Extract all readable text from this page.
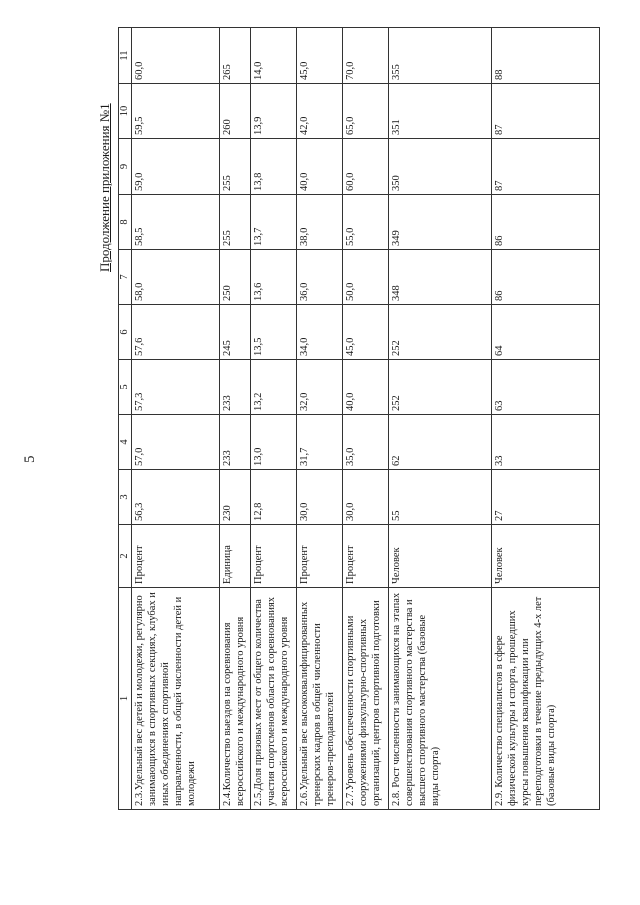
5
Продолжение приложения №1
1	2	3	4	5	6	7	8	9	10	11
2.3.Удельный вес детей и молодежи, регулярно занимающихся в спортивных секциях, клубах и иных объединениях спортивной направленности, в общей численности детей и молодежи	Процент	56,3	57,0	57,3	57,6	58,0	58,5	59,0	59,5	60,0
2.4.Количество выездов на соревнования всероссийского и международного уровня	Единица	230	233	233	245	250	255	255	260	265
2.5.Доля призовых мест от общего количества участия спортсменов области в соревнованиях всероссийского и международного уровня	Процент	12,8	13,0	13,2	13,5	13,6	13,7	13,8	13,9	14,0
2.6.Удельный вес высококвалифицированных тренерских кадров в общей численности тренеров-преподавателей	Процент	30,0	31,7	32,0	34,0	36,0	38,0	40,0	42,0	45,0
2.7.Уровень обеспеченности спортивными сооружениями физкультурно-спортивных организаций, центров спортивной подготовки	Процент	30,0	35,0	40,0	45,0	50,0	55,0	60,0	65,0	70,0
2.8. Рост численности занимающихся на этапах совершенствования спортивного мастерства и высшего спортивного мастерства (базовые виды спорта)	Человек	55	62	252	252	348	349	350	351	355
2.9. Количество специалистов в сфере физической культуры и спорта, прошедших курсы повышения квалификации или переподготовки в течение предыдущих 4-х лет (базовые виды спорта)	Человек	27	33	63	64	86	86	87	87	88
